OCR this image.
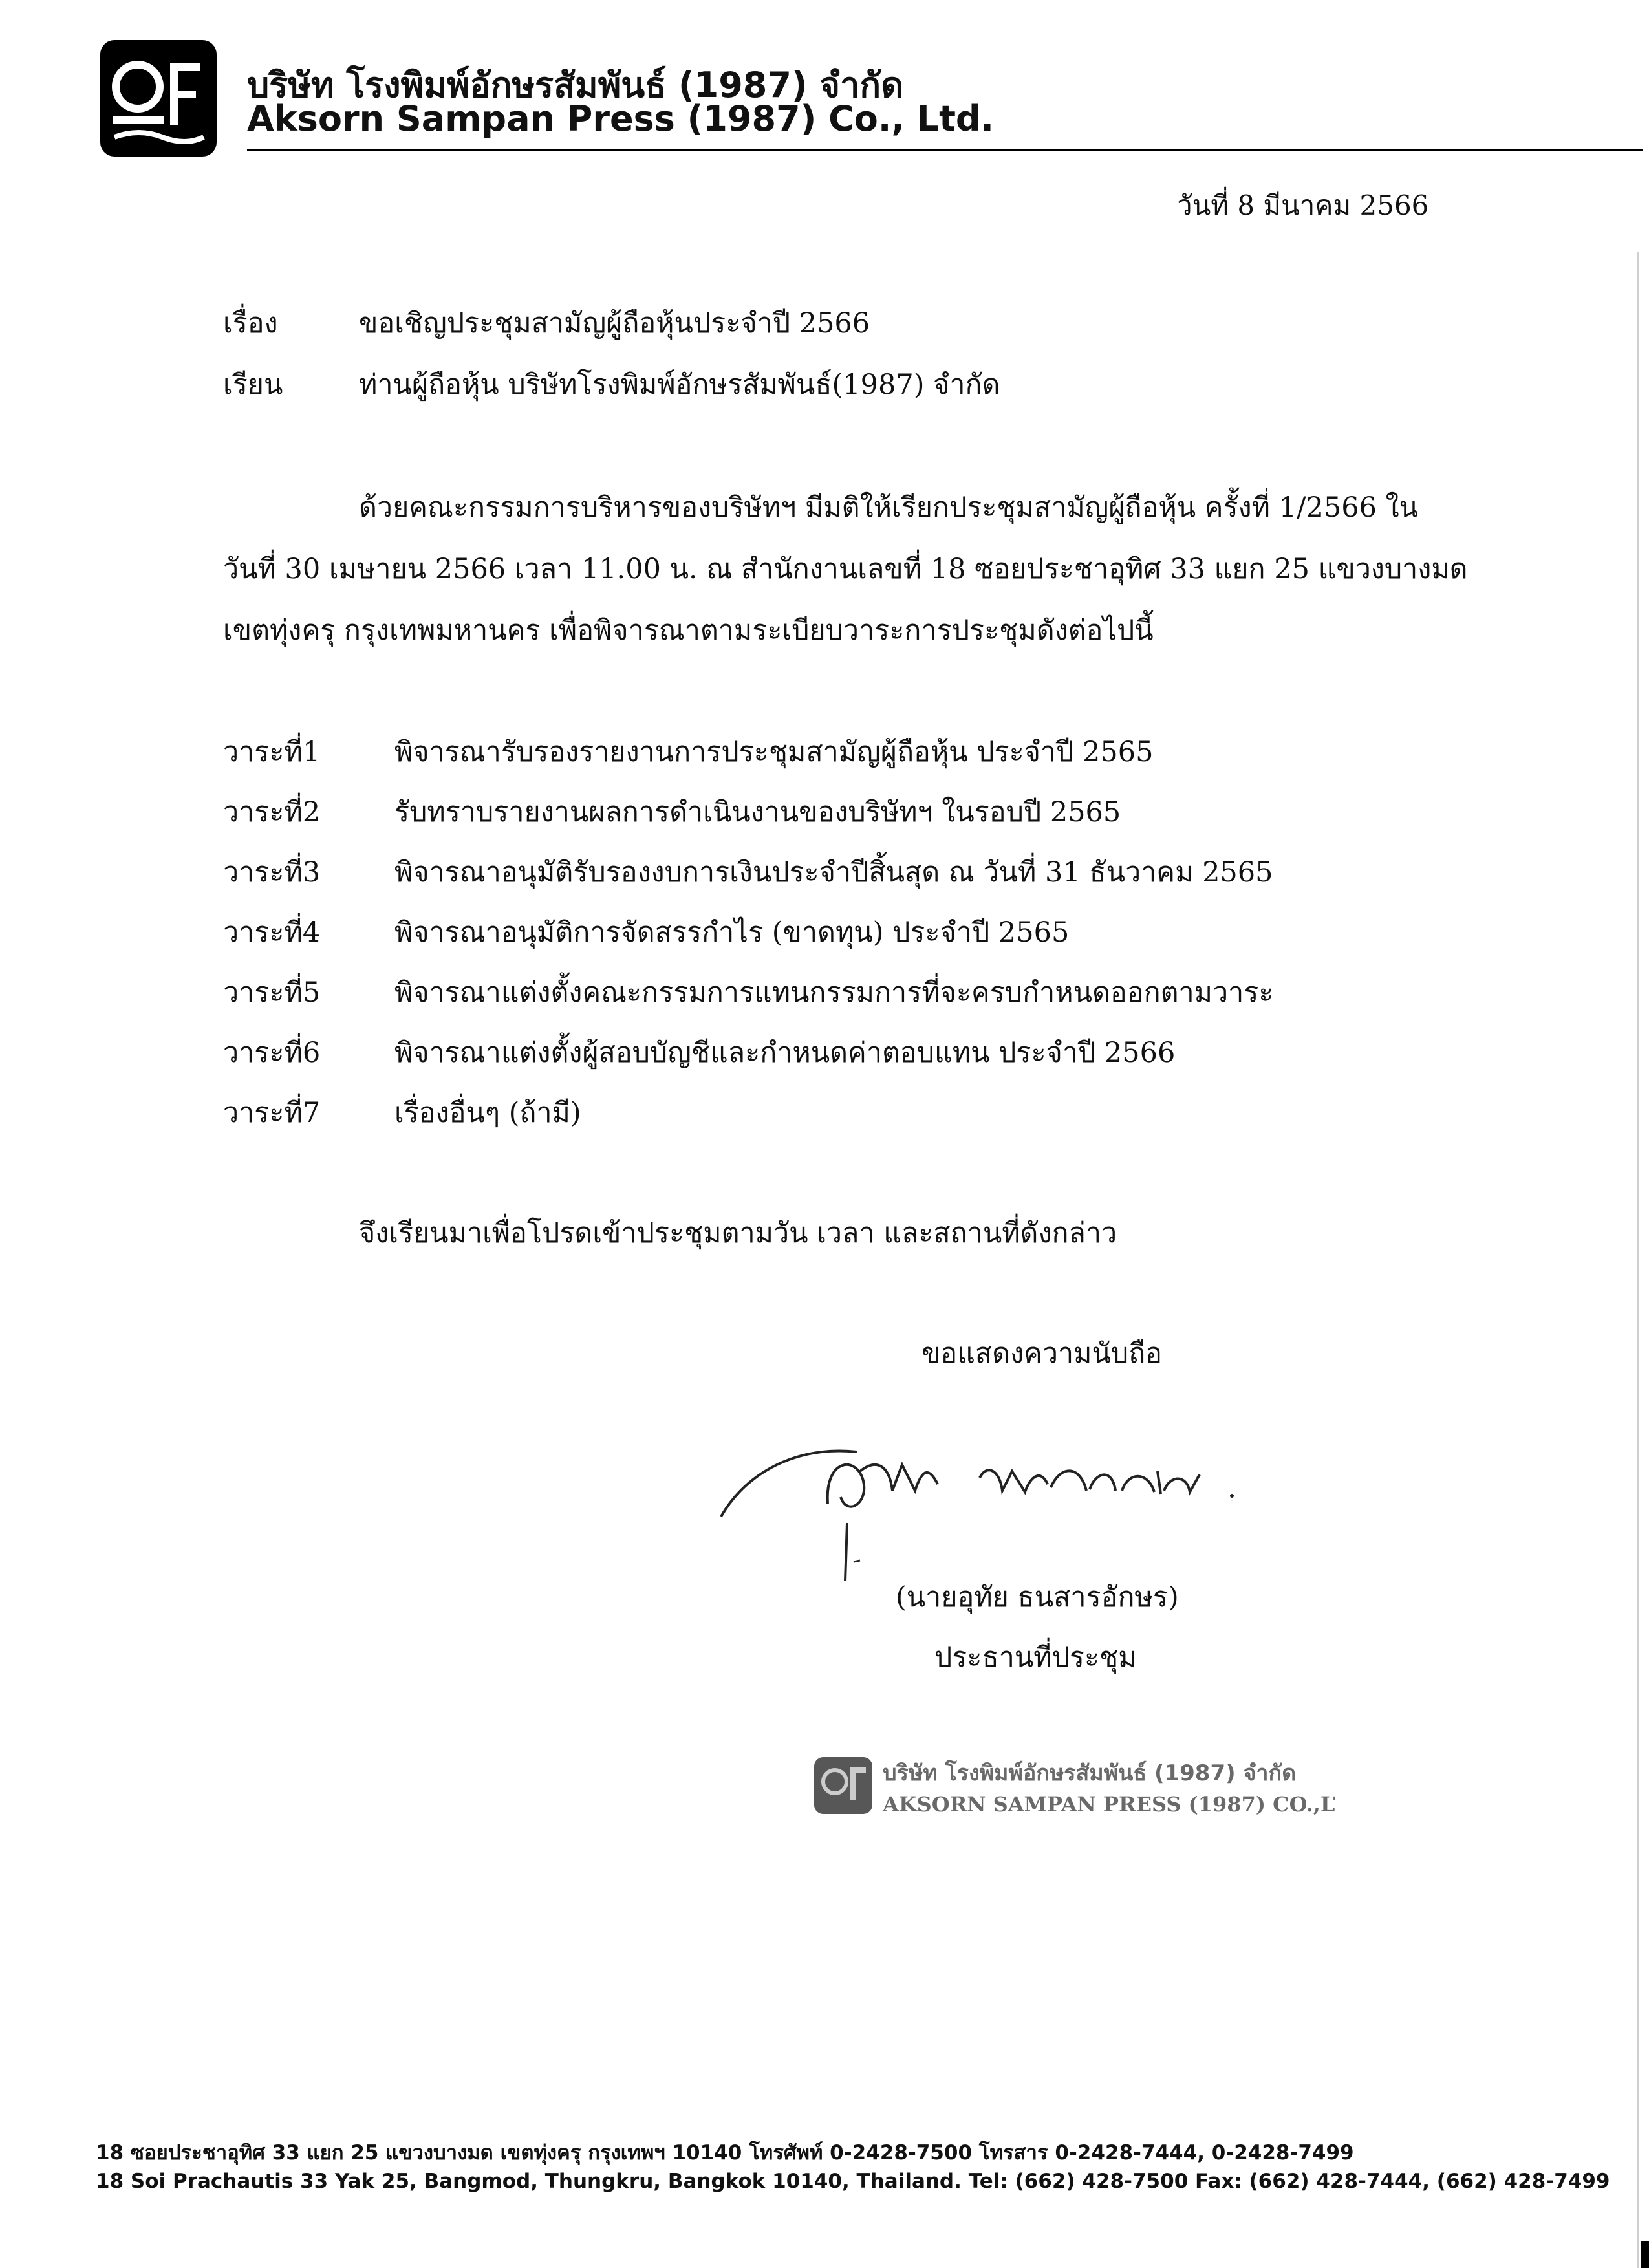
บริษัท โรงพิมพ์อักษรสัมพันธ์ (1987) จำกัด
Aksorn Sampan Press (1987) Co., Ltd.
วันที่ 8 มีนาคม 2566
เรื่อง	ขอเชิญประชุมสามัญผู้ถือหุ้นประจำปี 2566
เรียน	ท่านผู้ถือหุ้น บริษัทโรงพิมพ์อักษรสัมพันธ์(1987) จำกัด
ด้วยคณะกรรมการบริหารของบริษัทฯ มีมติให้เรียกประชุมสามัญผู้ถือหุ้น ครั้งที่ 1/2566 ใน
วันที่ 30 เมษายน 2566 เวลา 11.00 น. ณ สำนักงานเลขที่ 18 ซอยประชาอุทิศ 33 แยก 25 แขวงบางมด
เขตทุ่งครุ กรุงเทพมหานคร เพื่อพิจารณาตามระเบียบวาระการประชุมดังต่อไปนี้
วาระที่1	พิจารณารับรองรายงานการประชุมสามัญผู้ถือหุ้น ประจำปี 2565
วาระที่2	รับทราบรายงานผลการดำเนินงานของบริษัทฯ ในรอบปี 2565
วาระที่3	พิจารณาอนุมัติรับรองงบการเงินประจำปีสิ้นสุด ณ วันที่ 31 ธันวาคม 2565
วาระที่4	พิจารณาอนุมัติการจัดสรรกำไร (ขาดทุน) ประจำปี 2565
วาระที่5	พิจารณาแต่งตั้งคณะกรรมการแทนกรรมการที่จะครบกำหนดออกตามวาระ
วาระที่6	พิจารณาแต่งตั้งผู้สอบบัญชีและกำหนดค่าตอบแทน ประจำปี 2566
วาระที่7	เรื่องอื่นๆ (ถ้ามี)
จึงเรียนมาเพื่อโปรดเข้าประชุมตามวัน เวลา และสถานที่ดังกล่าว
ขอแสดงความนับถือ
(นายอุทัย ธนสารอักษร)
ประธานที่ประชุม
บริษัท โรงพิมพ์อักษรสัมพันธ์ (1987) จำกัด
AKSORN SAMPAN PRESS (1987) CO.,LTD.
18 ซอยประชาอุทิศ 33 แยก 25 แขวงบางมด เขตทุ่งครุ กรุงเทพฯ 10140 โทรศัพท์ 0-2428-7500 โทรสาร 0-2428-7444, 0-2428-7499
18 Soi Prachautis 33 Yak 25, Bangmod, Thungkru, Bangkok 10140, Thailand. Tel: (662) 428-7500 Fax: (662) 428-7444, (662) 428-7499
